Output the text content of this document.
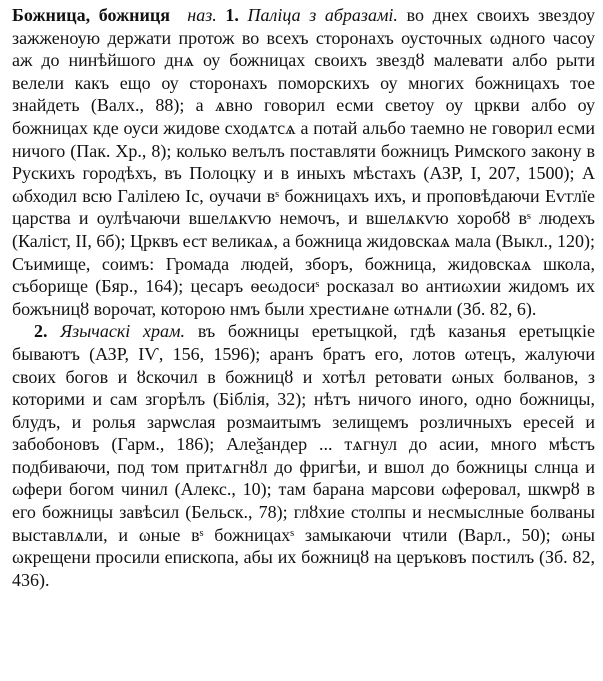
Божница, божниця наз. 1. Паліца з абразамі. во днех своихъ звездоу зажженоую держати протож во всехъ сторонахъ оусточных ωдного часоу аж до нинѣйшого днѧ оу божницах своихъ звездȣ малевати албо рыти велели какъ ещо оу сторонахъ поморскихъ оу многих божницахъ тое знайдеть (Валх., 88); а ѧвно говорил есми светоу оу цркви албо оу божницах кде оуси жидове сходѧтсѧ а потай альбо таемно не говорил есми ничого (Пак. Хр., 8); колько велълъ поставляти божницъ Римского закону в Рускихъ городѣхъ, въ Полоцку и в иныхъ мѣстахъ (АЗР, І, 207, 1500); А ωбходил всю Галілею Іс, оучачи вˢ божницахъ ихъ, и проповѣдаючи Еѵглїе царства и оулѣчаючи вшелѧкѵю немочъ, и вшелѧкѵю хоробȣ вˢ людехъ (Каліст, ІІ, 6б); Црквъ ест великаѧ, а божница жидовскаѧ мала (Выкл., 120); Съимище, соимъ: Громада людей, зборъ, божница, жидовскаѧ школа, съборище (Бяр., 164); цесаръ ѳеωдосиˢ росказал во антиωхии жидомъ их божъницȣ ворочат, которою нмъ были хрестиѧне ωтнѧли (Зб. 82, 6).

2. Язычаскі храм. въ божницы еретыцкой, гдѣ казанья еретыцкіе бываютъ (АЗР, ІѴ, 156, 1596); аранъ братъ его, лотов ωтецъ, жалуючи своих богов и ȣскочил в божницȣ и хотѣл ретовати ωных болванов, з которими и сам згорѣлъ (Біблія, 32); нѣтъ ничого иного, одно божницы, блудъ, и ролья зарѡслая розмаитымъ зелищемъ розличныхъ ересей и забобоновъ (Гарм., 186); Алеѯандер ... тѧгнул до асии, много мѣстъ подбиваючи, под том притѧгнȣл до фригѣи, и вшол до божницы слнца и ωфери богом чинил (Алекс., 10); там барана марсови ωферовал, шкѡрȣ в его божницы завѣсил (Бельск., 78); глȣхие столпы и несмыслные болваны выставлѧли, и ωные вˢ божницахˢ замыкаючи чтили (Варл., 50); ωны ωкрещени просили епископа, абы их божницȣ на церъковъ постилъ (Зб. 82, 436).
